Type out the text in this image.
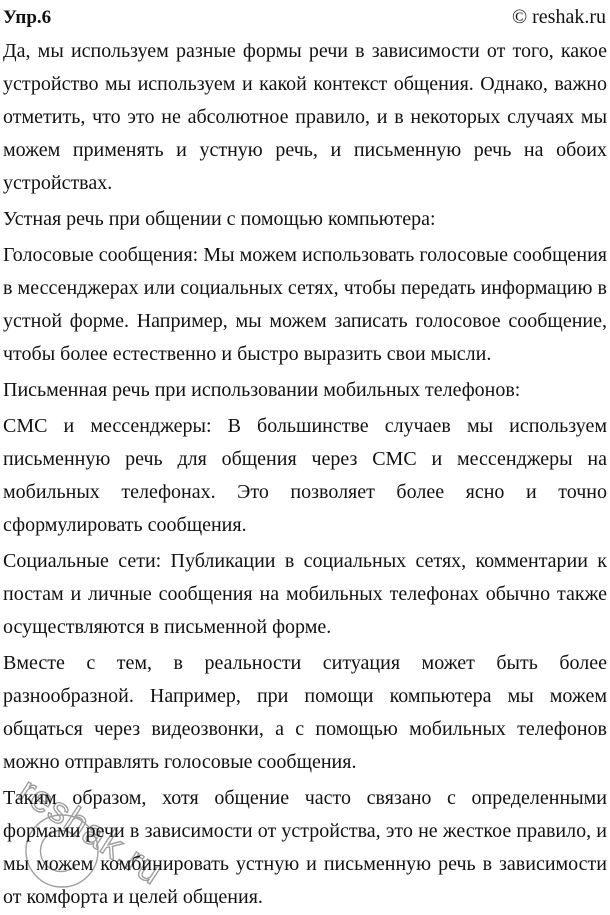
reshak.ru
Упр.6	© reshak.ru

Да, мы используем разные формы речи в зависимости от того, какое устройство мы используем и какой контекст общения. Однако, важно отметить, что это не абсолютное правило, и в некоторых случаях мы можем применять и устную речь, и письменную речь на обоих устройствах.

Устная речь при общении с помощью компьютера:

Голосовые сообщения: Мы можем использовать голосовые сообщения в мессенджерах или социальных сетях, чтобы передать информацию в устной форме. Например, мы можем записать голосовое сообщение, чтобы более естественно и быстро выразить свои мысли.

Письменная речь при использовании мобильных телефонов:

СМС и мессенджеры: В большинстве случаев мы используем письменную речь для общения через СМС и мессенджеры на мобильных телефонах. Это позволяет более ясно и точно сформулировать сообщения.

Социальные сети: Публикации в социальных сетях, комментарии к постам и личные сообщения на мобильных телефонах обычно также осуществляются в письменной форме.

Вместе с тем, в реальности ситуация может быть более разнообразной. Например, при помощи компьютера мы можем общаться через видеозвонки, а с помощью мобильных телефонов можно отправлять голосовые сообщения.

Таким образом, хотя общение часто связано с определенными формами речи в зависимости от устройства, это не жесткое правило, и мы можем комбинировать устную и письменную речь в зависимости от комфорта и целей общения.
